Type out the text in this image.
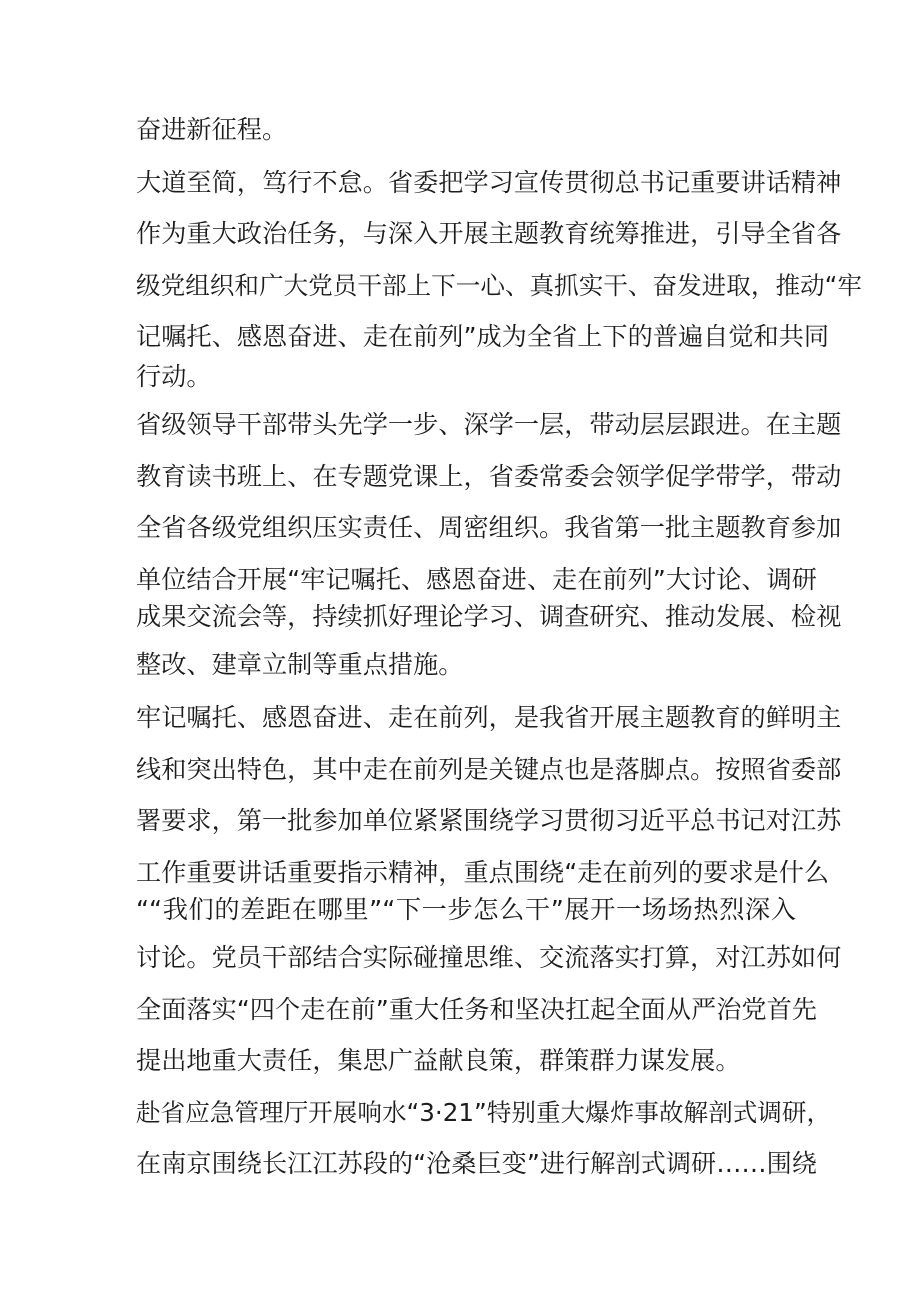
奋进新征程。
大道至简，笃行不怠。省委把学习宣传贯彻总书记重要讲话精神
作为重大政治任务，与深入开展主题教育统筹推进，引导全省各
级党组织和广大党员干部上下一心、真抓实干、奋发进取，推动“牢
记嘱托、感恩奋进、走在前列”成为全省上下的普遍自觉和共同
行动。
省级领导干部带头先学一步、深学一层，带动层层跟进。在主题
教育读书班上、在专题党课上，省委常委会领学促学带学，带动
全省各级党组织压实责任、周密组织。我省第一批主题教育参加
单位结合开展“牢记嘱托、感恩奋进、走在前列”大讨论、调研
成果交流会等，持续抓好理论学习、调查研究、推动发展、检视
整改、建章立制等重点措施。
牢记嘱托、感恩奋进、走在前列，是我省开展主题教育的鲜明主
线和突出特色，其中走在前列是关键点也是落脚点。按照省委部
署要求，第一批参加单位紧紧围绕学习贯彻习近平总书记对江苏
工作重要讲话重要指示精神，重点围绕“走在前列的要求是什么
““我们的差距在哪里”“下一步怎么干”展开一场场热烈深入
讨论。党员干部结合实际碰撞思维、交流落实打算，对江苏如何
全面落实“四个走在前”重大任务和坚决扛起全面从严治党首先
提出地重大责任，集思广益献良策，群策群力谋发展。
赴省应急管理厅开展响水“3·21”特别重大爆炸事故解剖式调研，
在南京围绕长江江苏段的“沧桑巨变”进行解剖式调研……围绕
